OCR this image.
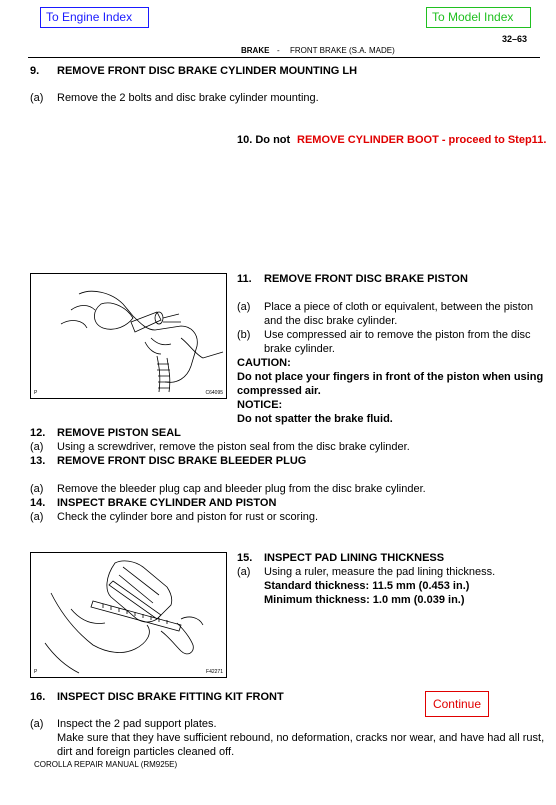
To Engine Index	To Model Index
32–63
BRAKE - FRONT BRAKE (S.A. MADE)
9. REMOVE FRONT DISC BRAKE CYLINDER MOUNTING LH
(a) Remove the 2 bolts and disc brake cylinder mounting.
10. Do not REMOVE CYLINDER BOOT - proceed to Step11.
P	C64095
11. REMOVE FRONT DISC BRAKE PISTON
(a) Place a piece of cloth or equivalent, between the piston
and the disc brake cylinder.
(b) Use compressed air to remove the piston from the disc
brake cylinder.
CAUTION:
Do not place your fingers in front of the piston when using
compressed air.
NOTICE:
Do not spatter the brake fluid.
12. REMOVE PISTON SEAL
(a) Using a screwdriver, remove the piston seal from the disc brake cylinder.
13. REMOVE FRONT DISC BRAKE BLEEDER PLUG
(a) Remove the bleeder plug cap and bleeder plug from the disc brake cylinder.
14. INSPECT BRAKE CYLINDER AND PISTON
(a) Check the cylinder bore and piston for rust or scoring.
P	F42271
15. INSPECT PAD LINING THICKNESS
(a) Using a ruler, measure the pad lining thickness.
Standard thickness: 11.5 mm (0.453 in.)
Minimum thickness: 1.0 mm (0.039 in.)
16. INSPECT DISC BRAKE FITTING KIT FRONT	Continue
(a) Inspect the 2 pad support plates.
Make sure that they have sufficient rebound, no deformation, cracks nor wear, and have had all rust,
dirt and foreign particles cleaned off.
COROLLA REPAIR MANUAL (RM925E)
